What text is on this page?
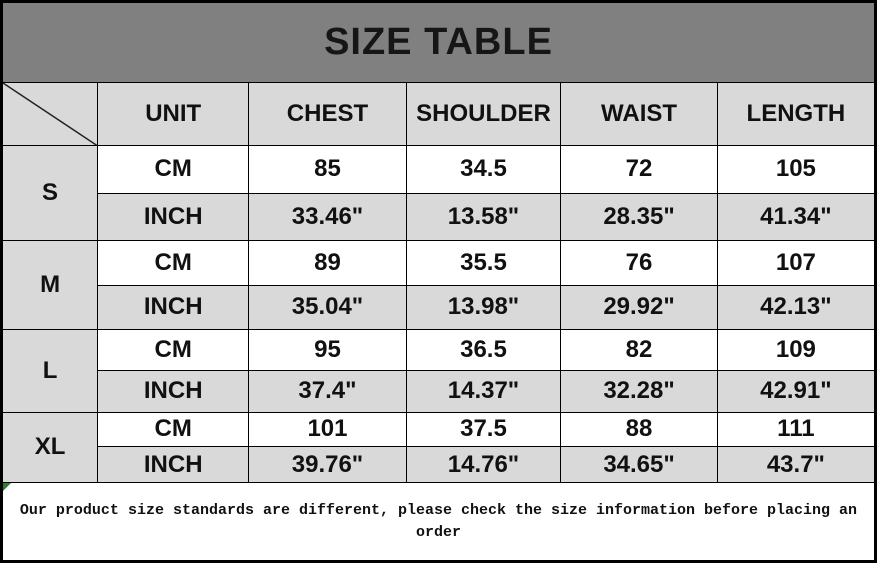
SIZE TABLE					

	UNIT	CHEST	SHOULDER	WAIST	LENGTH
S	CM	85	34.5	72	105
	INCH	33.46"	13.58"	28.35"	41.34"
M	CM	89	35.5	76	107
	INCH	35.04"	13.98"	29.92"	42.13"
L	CM	95	36.5	82	109
	INCH	37.4"	14.37"	32.28"	42.91"
XL	CM	101	37.5	88	111
	INCH	39.76"	14.76"	34.65"	43.7"

Our product size standards are different, please check the size information before placing an order					
